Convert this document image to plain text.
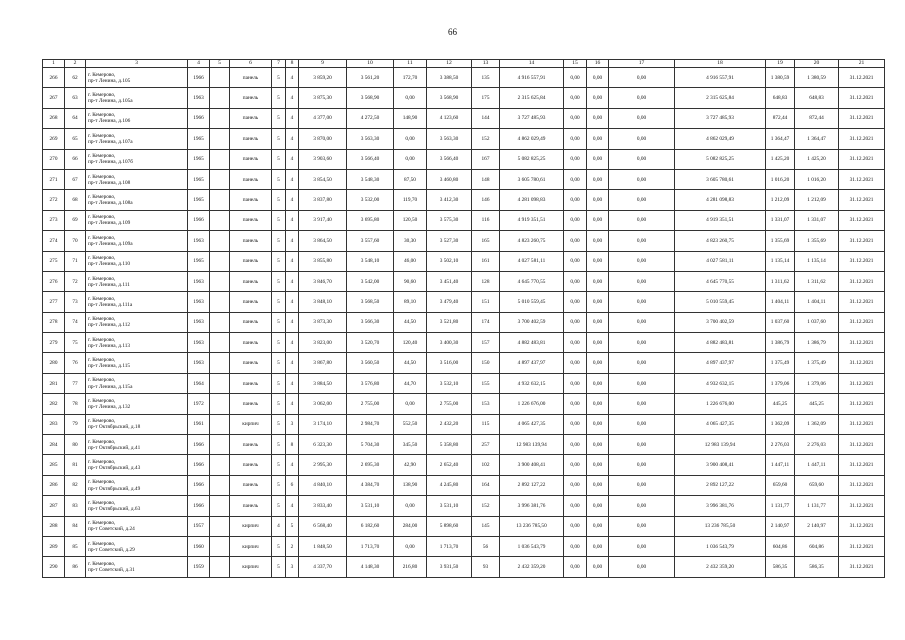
66
1	2	3	4	5	6	7	8	9	10	11	12	13	14	15	16	17	18	19	20	21
266	62	г. Кемерово,
пр-т Ленина, д.105	1966		панель	5	4	3 859,20	3 561,20	172,70	3 388,50	135	4 916 557,91	0,00	0,00	0,00	4 916 557,91	1 380,59	1 380,59	31.12.2021
267	63	г. Кемерово,
пр-т Ленина, д.105а	1963		панель	5	4	3 875,30	3 568,90	0,00	3 568,90	175	2 315 625,84	0,00	0,00	0,00	2 315 625,84	648,83	648,83	31.12.2021
268	64	г. Кемерово,
пр-т Ленина, д.106	1966		панель	5	4	4 377,00	4 272,50	148,90	4 123,60	144	3 727 485,93	0,00	0,00	0,00	3 727 485,93	872,44	872,44	31.12.2021
269	65	г. Кемерово,
пр-т Ленина, д.107а	1965		панель	5	4	3 870,00	3 563,30	0,00	3 563,30	152	4 862 029,49	0,00	0,00	0,00	4 862 029,49	1 364,47	1 364,47	31.12.2021
270	66	г. Кемерово,
пр-т Ленина, д.107б	1965		панель	5	4	3 903,60	3 566,40	0,00	3 566,40	167	5 082 825,25	0,00	0,00	0,00	5 082 825,25	1 425,20	1 425,20	31.12.2021
271	67	г. Кемерово,
пр-т Ленина, д.108	1965		панель	5	4	3 854,50	3 548,30	87,50	3 460,80	148	3 605 780,61	0,00	0,00	0,00	3 605 780,61	1 016,20	1 016,20	31.12.2021
272	68	г. Кемерово,
пр-т Ленина, д.108а	1965		панель	5	4	3 837,80	3 532,00	119,70	3 412,30	146	4 281 098,83	0,00	0,00	0,00	4 281 098,83	1 212,09	1 212,09	31.12.2021
273	69	г. Кемерово,
пр-т Ленина, д.109	1966		панель	5	4	3 917,40	3 695,80	120,50	3 575,30	116	4 919 351,51	0,00	0,00	0,00	4 919 351,51	1 331,07	1 331,07	31.12.2021
274	70	г. Кемерово,
пр-т Ленина, д.109а	1963		панель	5	4	3 864,50	3 557,60	30,30	3 527,30	165	4 823 260,75	0,00	0,00	0,00	4 823 260,75	1 355,69	1 355,69	31.12.2021
275	71	г. Кемерово,
пр-т Ленина, д.110	1965		панель	5	4	3 855,80	3 548,10	46,00	3 502,10	161	4 027 581,11	0,00	0,00	0,00	4 027 581,11	1 135,14	1 135,14	31.12.2021
276	72	г. Кемерово,
пр-т Ленина, д.111	1963		панель	5	4	3 846,70	3 542,00	90,60	3 451,40	128	4 645 770,55	0,00	0,00	0,00	4 645 770,55	1 311,62	1 311,62	31.12.2021
277	73	г. Кемерово,
пр-т Ленина, д.111а	1963		панель	5	4	3 848,10	3 568,50	89,10	3 479,40	151	5 010 559,45	0,00	0,00	0,00	5 010 559,45	1 404,11	1 404,11	31.12.2021
278	74	г. Кемерово,
пр-т Ленина, д.112	1963		панель	5	4	3 873,30	3 566,30	44,50	3 521,80	174	3 700 402,59	0,00	0,00	0,00	3 700 402,59	1 037,60	1 037,60	31.12.2021
279	75	г. Кемерово,
пр-т Ленина, д.113	1963		панель	5	4	3 823,00	3 520,70	120,40	3 400,30	157	4 882 483,81	0,00	0,00	0,00	4 882 483,81	1 386,79	1 386,79	31.12.2021
280	76	г. Кемерово,
пр-т Ленина, д.115	1963		панель	5	4	3 867,80	3 560,50	44,50	3 516,00	150	4 897 437,97	0,00	0,00	0,00	4 897 437,97	1 375,49	1 375,49	31.12.2021
281	77	г. Кемерово,
пр-т Ленина, д.115а	1964		панель	5	4	3 884,50	3 576,80	44,70	3 532,10	155	4 932 632,15	0,00	0,00	0,00	4 932 632,15	1 379,06	1 379,06	31.12.2021
282	78	г. Кемерово,
пр-т Ленина, д.132	1972		панель	5	4	3 062,00	2 755,00	0,00	2 755,00	153	1 226 676,00	0,00	0,00	0,00	1 226 676,00	445,25	445,25	31.12.2021
283	79	г. Кемерово,
пр-т Октябрьский, д.18	1961		кирпич	5	3	3 174,10	2 984,70	552,50	2 432,20	115	4 065 427,35	0,00	0,00	0,00	4 065 427,35	1 362,09	1 362,09	31.12.2021
284	80	г. Кемерово,
пр-т Октябрьский, д.41	1966		панель	5	8	6 323,30	5 704,30	345,50	5 358,80	257	12 983 139,94	0,00	0,00	0,00	12 983 139,94	2 276,03	2 276,03	31.12.2021
285	81	г. Кемерово,
пр-т Октябрьский, д.43	1966		панель	5	4	2 995,30	2 695,30	42,90	2 652,40	102	3 900 408,41	0,00	0,00	0,00	3 900 408,41	1 447,11	1 447,11	31.12.2021
286	82	г. Кемерово,
пр-т Октябрьский, д.49	1966		панель	5	6	4 840,10	4 384,70	138,90	4 245,80	164	2 892 127,22	0,00	0,00	0,00	2 892 127,22	659,60	659,60	31.12.2021
287	83	г. Кемерово,
пр-т Октябрьский, д.63	1966		панель	5	4	3 833,40	3 531,10	0,00	3 531,10	152	3 996 381,76	0,00	0,00	0,00	3 996 381,76	1 131,77	1 131,77	31.12.2021
288	84	г. Кемерово,
пр-т Советский, д.24	1957		кирпич	4	5	6 568,40	6 182,60	284,00	5 898,60	145	13 236 785,50	0,00	0,00	0,00	13 236 785,50	2 140,97	2 140,97	31.12.2021
289	85	г. Кемерово,
пр-т Советский, д.29	1960		кирпич	5	2	1 848,50	1 713,70	0,00	1 713,70	56	1 036 543,79	0,00	0,00	0,00	1 036 543,79	604,86	604,86	31.12.2021
290	86	г. Кемерово,
пр-т Советский, д.31	1959		кирпич	5	3	4 337,70	4 148,30	216,80	3 931,50	93	2 432 359,20	0,00	0,00	0,00	2 432 359,20	586,35	586,35	31.12.2021
